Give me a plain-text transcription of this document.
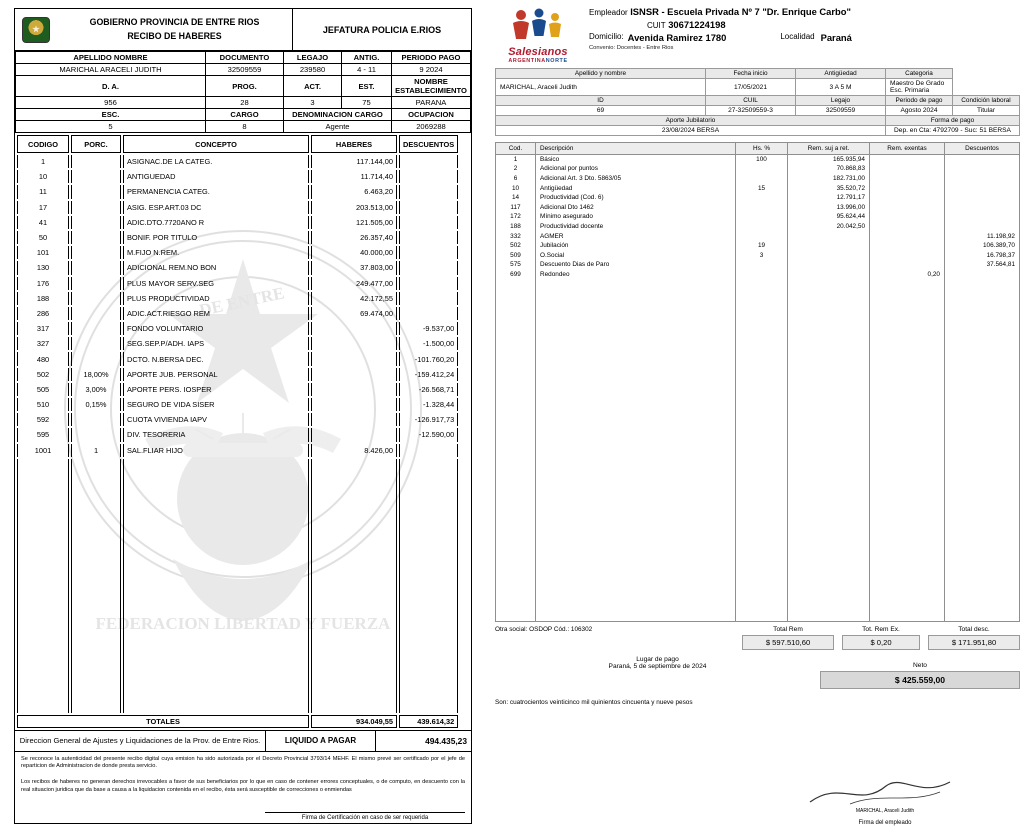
GOBIERNO PROVINCIA DE ENTRE RIOS
RECIBO DE HABERES
JEFATURA POLICIA E.RIOS
APELLIDO NOMBRE	DOCUMENTO	LEGAJO	ANTIG.	PERIODO PAGO
MARICHAL ARACELI JUDITH	32509559	239580	4 - 11	9 2024
D. A.	PROG.	ACT.	EST.	NOMBRE ESTABLECIMIENTO
956	28	3	75	PARANA
ESC.	CARGO	DENOMINACION CARGO		OCUPACION
5	8	Agente		2069288
DE ENTRE
FEDERACION LIBERTAD Y FUERZA
CODIGO	PORC.	CONCEPTO	HABERES	DESCUENTOS
1		ASIGNAC.DE LA CATEG.	117.144,00	
10		ANTIGUEDAD	11.714,40	
11		PERMANENCIA CATEG.	6.463,20	
17		ASIG. ESP.ART.03 DC	203.513,00	
41		ADIC.DTO.7720ANO R	121.505,00	
50		BONIF. POR TITULO	26.357,40	
101		M.FIJO N.REM.	40.000,00	
130		ADICIONAL REM.NO BON	37.803,00	
176		PLUS MAYOR SERV.SEG	249.477,00	
188		PLUS PRODUCTIVIDAD	42.172,55	
286		ADIC.ACT.RIESGO REM	69.474,00	
317		FONDO VOLUNTARIO		-9.537,00
327		SEG.SEP.P/ADH. IAPS		-1.500,00
480		DCTO. N.BERSA DEC.		-101.760,20
502	18,00%	APORTE JUB. PERSONAL		-159.412,24
505	3,00%	APORTE PERS. IOSPER		-26.568,71
510	0,15%	SEGURO DE VIDA SISER		-1.328,44
592		CUOTA VIVIENDA IAPV		-126.917,73
595		DIV. TESORERIA		-12.590,00
1001	1	SAL.FLIAR HIJO	8.426,00	

TOTALES			934.049,55	439.614,32
Direccion General de Ajustes y Liquidaciones de la Prov. de Entre Rios.	LIQUIDO A PAGAR	494.435,23
Se reconoce la autenticidad del presente recibo digital cuya emision ha sido autorizada por el Decreto Provincial 3793/14 MEHF. El mismo prevé ser certificado por el jefe de reparticion de Administracion de donde presta servicio.
Los recibos de haberes no generan derechos irrevocables a favor de sus beneficiarios por lo que en caso de contener errores conceptuales, o de computo, en descuento con la real situacion juridica que da base a causa a la liquidacion contenida en el recibo, ésta será susceptible de correcciones o enmiendas
Firma de Certificación en caso de ser requerida
Salesianos
ARGENTINANORTE
Empleador ISNSR - Escuela Privada Nº 7 "Dr. Enrique Carbo"
CUIT 30671224198
Domicilio: Avenida Ramirez 1780	Localidad Paraná
Convenio: Docentes - Entre Rios
Apellido y nombre	Fecha inicio	Antigüedad	Categoria	
MARICHAL, Araceli Judith	17/05/2021	3 A 5 M	Maestro De Grado Esc. Primaria	
ID	CUIL	Legajo	Periodo de pago	Condición laboral
69	27-32509559-3	32509559	Agosto 2024	Titular
Aporte Jubilatorio			Forma de pago	
23/08/2024 BERSA			Dep. en Cta: 4792709 - Suc: 51 BERSA	
Cod.	Descripción	Hs. %	Rem. suj a ret.	Rem. exentas	Descuentos
1	Básico	100	165.935,94		
2	Adicional por puntos		70.868,83		
6	Adicional Art. 3 Dto. 5863/05		182.731,00		
10	Antigüedad	15	35.520,72		
14	Productividad (Cod. 6)		12.791,17		
117	Adicional Dto 1462		13.996,00		
172	Mínimo asegurado		95.624,44		
188	Productividad docente		20.042,50		
332	AGMER				11.198,92
502	Jubilación	19			106.389,70
509	O.Social	3			16.798,37
575	Descuento Dias de Paro				37.564,81
699	Redondeo			0,20	

Otra social: OSDOP Cód.: 106302	Total Rem
$ 597.510,60
Tot. Rem Ex.
$ 0,20
Total desc.
$ 171.951,80
Lugar de pago
Paraná, 5 de septiembre de 2024	Neto
$ 425.559,00
Son: cuatrocientos veinticinco mil quinientos cincuenta y nueve pesos
MARICHAL, Araceli Judith
Firma del empleado
